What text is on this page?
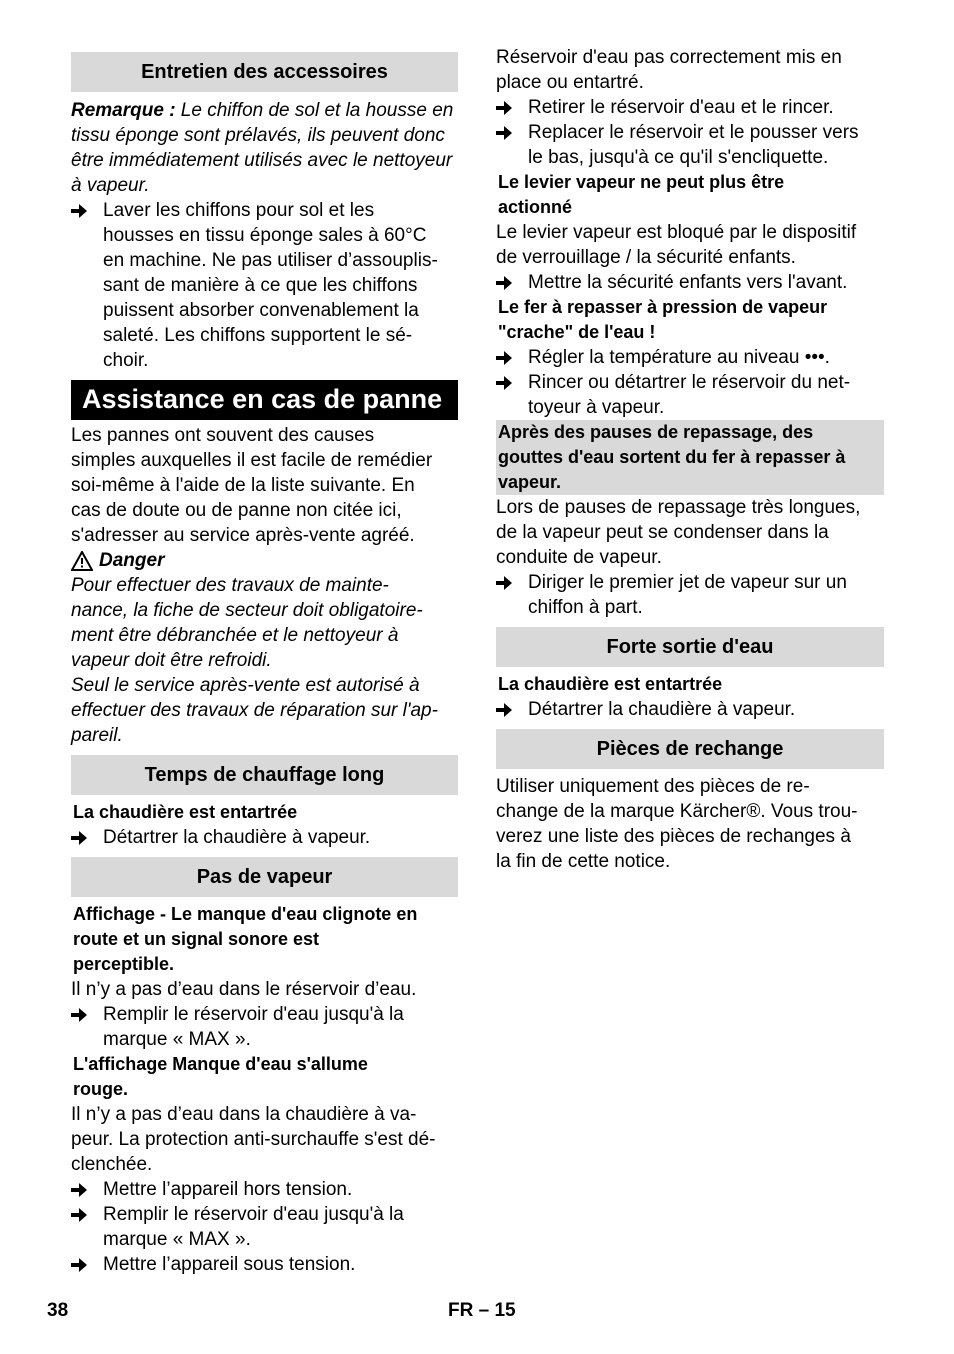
Entretien des accessoires

Remarque : Le chiffon de sol et la housse en tissu éponge sont prélavés, ils peuvent donc être immédiatement utilisés avec le nettoyeur à vapeur.

Laver les chiffons pour sol et les
housses en tissu éponge sales à 60°C
en machine. Ne pas utiliser d’assouplis-
sant de manière à ce que les chiffons
puissent absorber convenablement la
saleté. Les chiffons supportent le sé-
choir.
Assistance en cas de panne
Les pannes ont souvent des causes
simples auxquelles il est facile de remédier
soi-même à l'aide de la liste suivante. En
cas de doute ou de panne non citée ici,
s'adresser au service après-vente agréé.
Danger
Pour effectuer des travaux de mainte-
nance, la fiche de secteur doit obligatoire-
ment être débranchée et le nettoyeur à
vapeur doit être refroidi.
Seul le service après-vente est autorisé à
effectuer des travaux de réparation sur l'ap-
pareil.
Temps de chauffage long
La chaudière est entartrée
Détartrer la chaudière à vapeur.
Pas de vapeur
Affichage - Le manque d'eau clignote en
route et un signal sonore est
perceptible.

Il n’y a pas d’eau dans le réservoir d’eau.

Remplir le réservoir d'eau jusqu'à la
marque « MAX ».
L'affichage Manque d'eau s'allume
rouge.
Il n’y a pas d’eau dans la chaudière à va-
peur. La protection anti-surchauffe s'est dé-
clenchée.
Mettre l’appareil hors tension.
Remplir le réservoir d'eau jusqu'à la
marque « MAX ».
Mettre l’appareil sous tension.
Réservoir d'eau pas correctement mis en
place ou entartré.
Retirer le réservoir d'eau et le rincer.
Replacer le réservoir et le pousser vers
le bas, jusqu'à ce qu'il s'encliquette.
Le levier vapeur ne peut plus être
actionné
Le levier vapeur est bloqué par le dispositif
de verrouillage / la sécurité enfants.
Mettre la sécurité enfants vers l'avant.
Le fer à repasser à pression de vapeur
"crache" de l'eau !
Régler la température au niveau •••.
Rincer ou détartrer le réservoir du net-
toyeur à vapeur.
Après des pauses de repassage, des
gouttes d'eau sortent du fer à repasser à
vapeur.
Lors de pauses de repassage très longues,
de la vapeur peut se condenser dans la
conduite de vapeur.
Diriger le premier jet de vapeur sur un
chiffon à part.
Forte sortie d'eau
La chaudière est entartrée
Détartrer la chaudière à vapeur.
Pièces de rechange
Utiliser uniquement des pièces de re-
change de la marque Kärcher®. Vous trou-
verez une liste des pièces de rechanges à
la fin de cette notice.
38	FR – 15
